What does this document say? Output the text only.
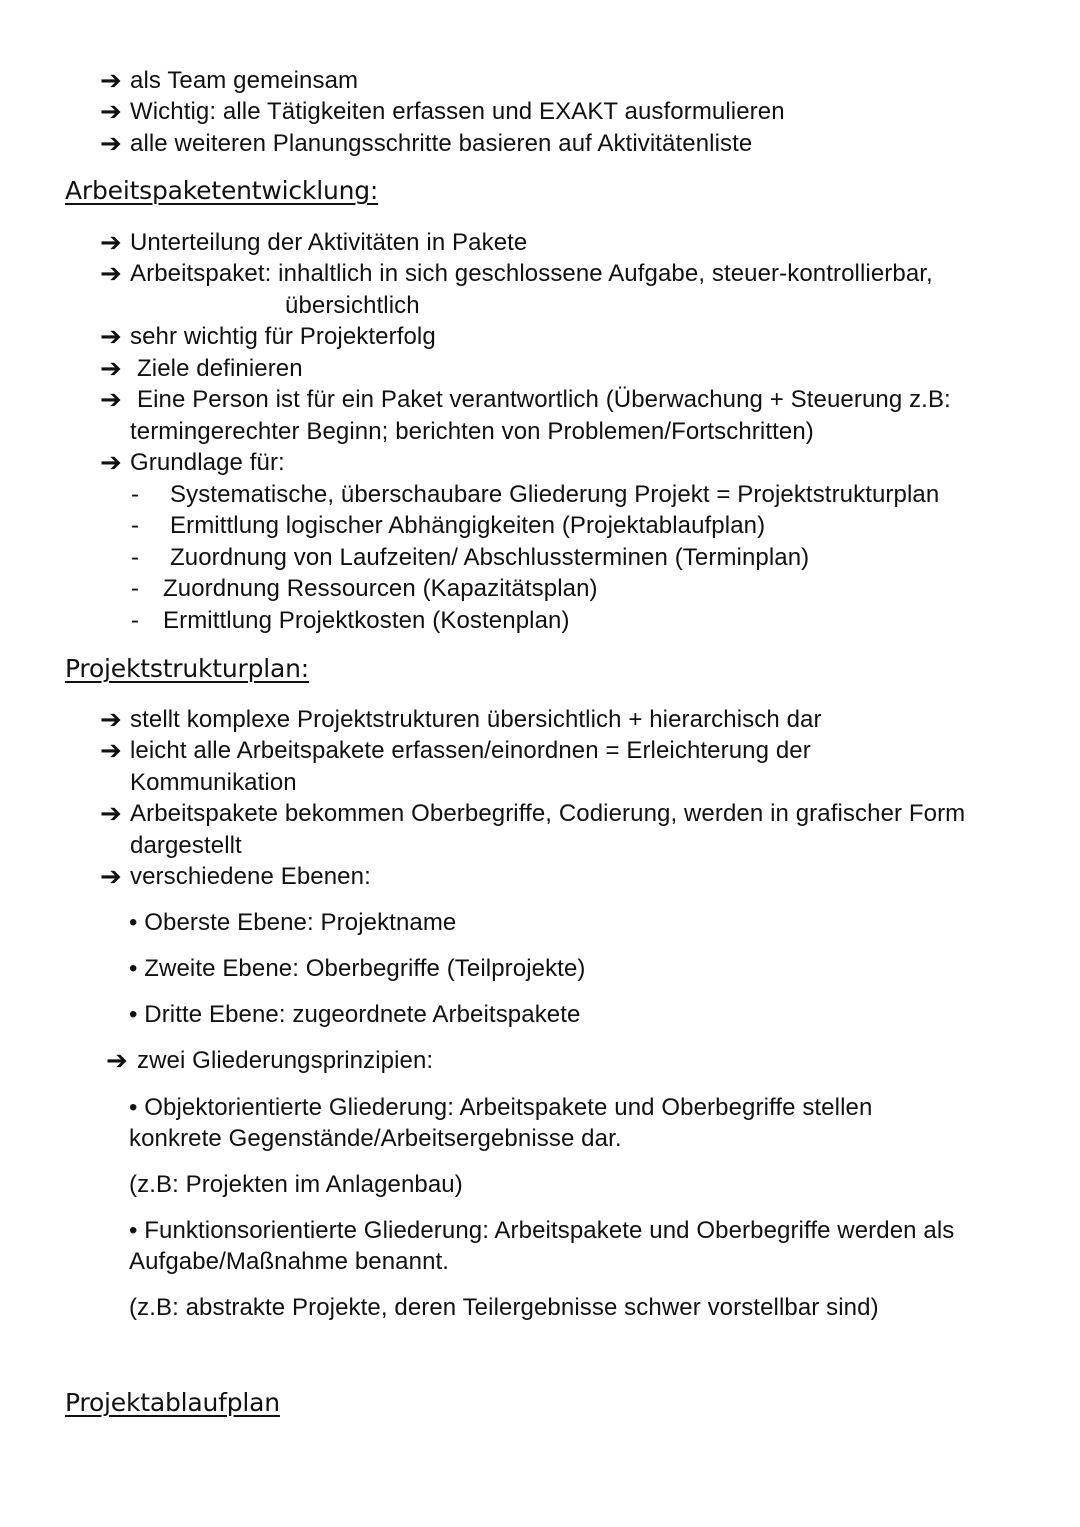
➔ als Team gemeinsam
➔ Wichtig: alle Tätigkeiten erfassen und EXAKT ausformulieren
➔ alle weiteren Planungsschritte basieren auf Aktivitätenliste
Arbeitspaketentwicklung:
➔ Unterteilung der Aktivitäten in Pakete
➔ Arbeitspaket: inhaltlich in sich geschlossene Aufgabe, steuer-kontrollierbar,
übersichtlich
➔ sehr wichtig für Projekterfolg
➔ Ziele definieren
➔ Eine Person ist für ein Paket verantwortlich (Überwachung + Steuerung z.B:
termingerechter Beginn; berichten von Problemen/Fortschritten)
➔ Grundlage für:
- Systematische, überschaubare Gliederung Projekt = Projektstrukturplan
- Ermittlung logischer Abhängigkeiten (Projektablaufplan)
- Zuordnung von Laufzeiten/ Abschlussterminen (Terminplan)
- Zuordnung Ressourcen (Kapazitätsplan)
- Ermittlung Projektkosten (Kostenplan)
Projektstrukturplan:
➔ stellt komplexe Projektstrukturen übersichtlich + hierarchisch dar
➔ leicht alle Arbeitspakete erfassen/einordnen = Erleichterung der
Kommunikation
➔ Arbeitspakete bekommen Oberbegriffe, Codierung, werden in grafischer Form
dargestellt
➔ verschiedene Ebenen:
• Oberste Ebene: Projektname
• Zweite Ebene: Oberbegriffe (Teilprojekte)
• Dritte Ebene: zugeordnete Arbeitspakete
➔ zwei Gliederungsprinzipien:
• Objektorientierte Gliederung: Arbeitspakete und Oberbegriffe stellen
konkrete Gegenstände/Arbeitsergebnisse dar.
(z.B: Projekten im Anlagenbau)
• Funktionsorientierte Gliederung: Arbeitspakete und Oberbegriffe werden als
Aufgabe/Maßnahme benannt.
(z.B: abstrakte Projekte, deren Teilergebnisse schwer vorstellbar sind)
Projektablaufplan
